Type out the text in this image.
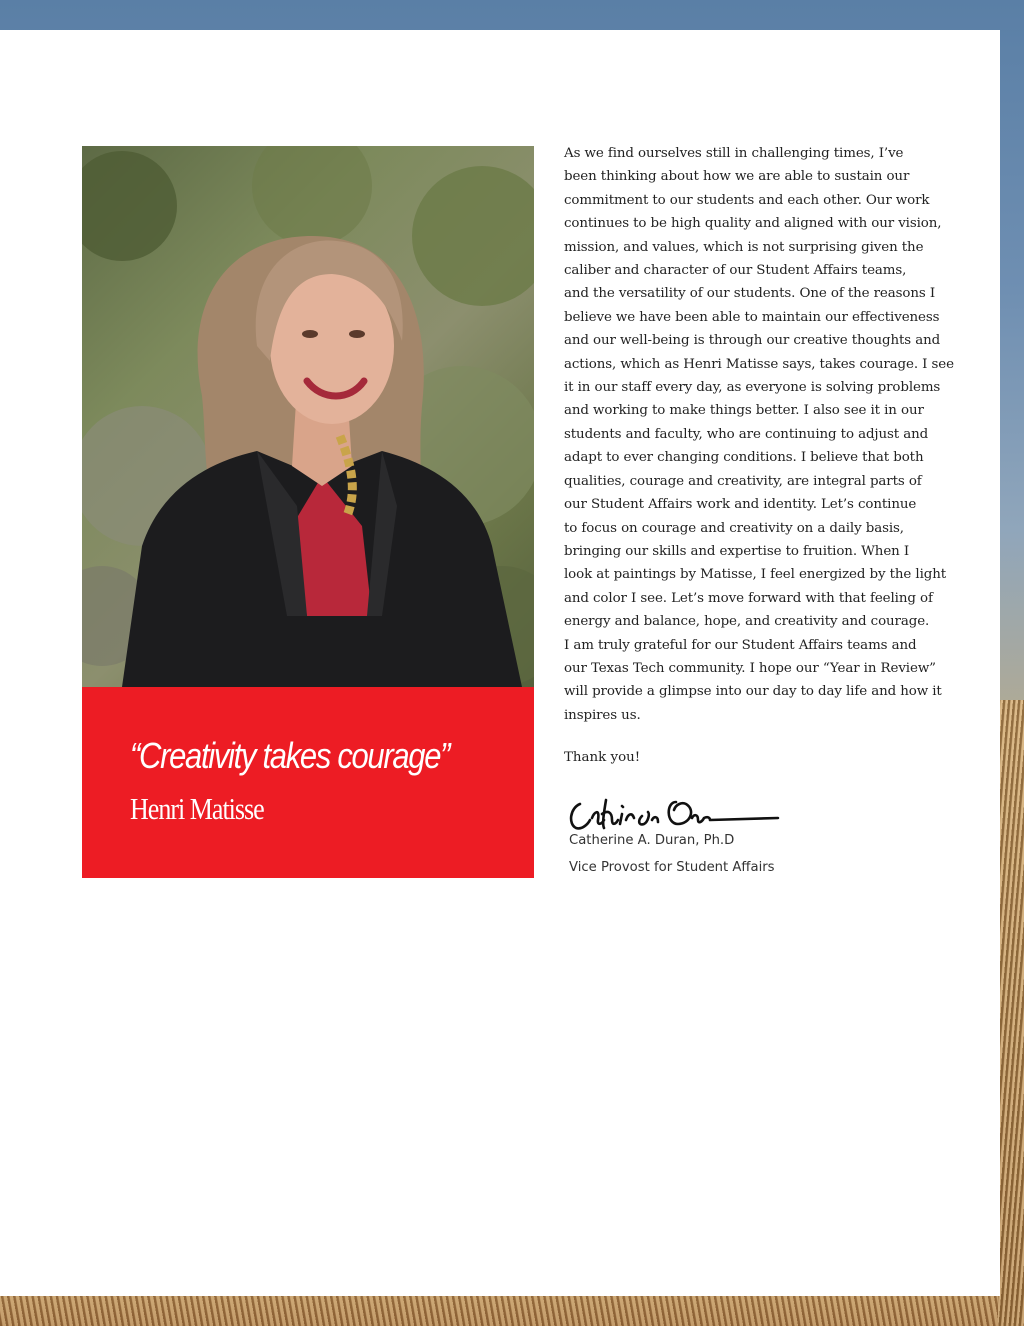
“Creativity takes courage”

Henri Matisse

As we find ourselves still in challenging times, I’ve
been thinking about how we are able to sustain our
commitment to our students and each other. Our work
continues to be high quality and aligned with our vision,
mission, and values, which is not surprising given the
caliber and character of our Student Affairs teams,
and the versatility of our students. One of the reasons I
believe we have been able to maintain our effectiveness
and our well-being is through our creative thoughts and
actions, which as Henri Matisse says, takes courage. I see
it in our staff every day, as everyone is solving problems
and working to make things better. I also see it in our
students and faculty, who are continuing to adjust and
adapt to ever changing conditions. I believe that both
qualities, courage and creativity, are integral parts of
our Student Affairs work and identity. Let’s continue
to focus on courage and creativity on a daily basis,
bringing our skills and expertise to fruition. When I
look at paintings by Matisse, I feel energized by the light
and color I see. Let’s move forward with that feeling of
energy and balance, hope, and creativity and courage.
I am truly grateful for our Student Affairs teams and
our Texas Tech community. I hope our “Year in Review”
will provide a glimpse into our day to day life and how it
inspires us.

Thank you!

Catherine A. Duran, Ph.D

Vice Provost for Student Affairs
